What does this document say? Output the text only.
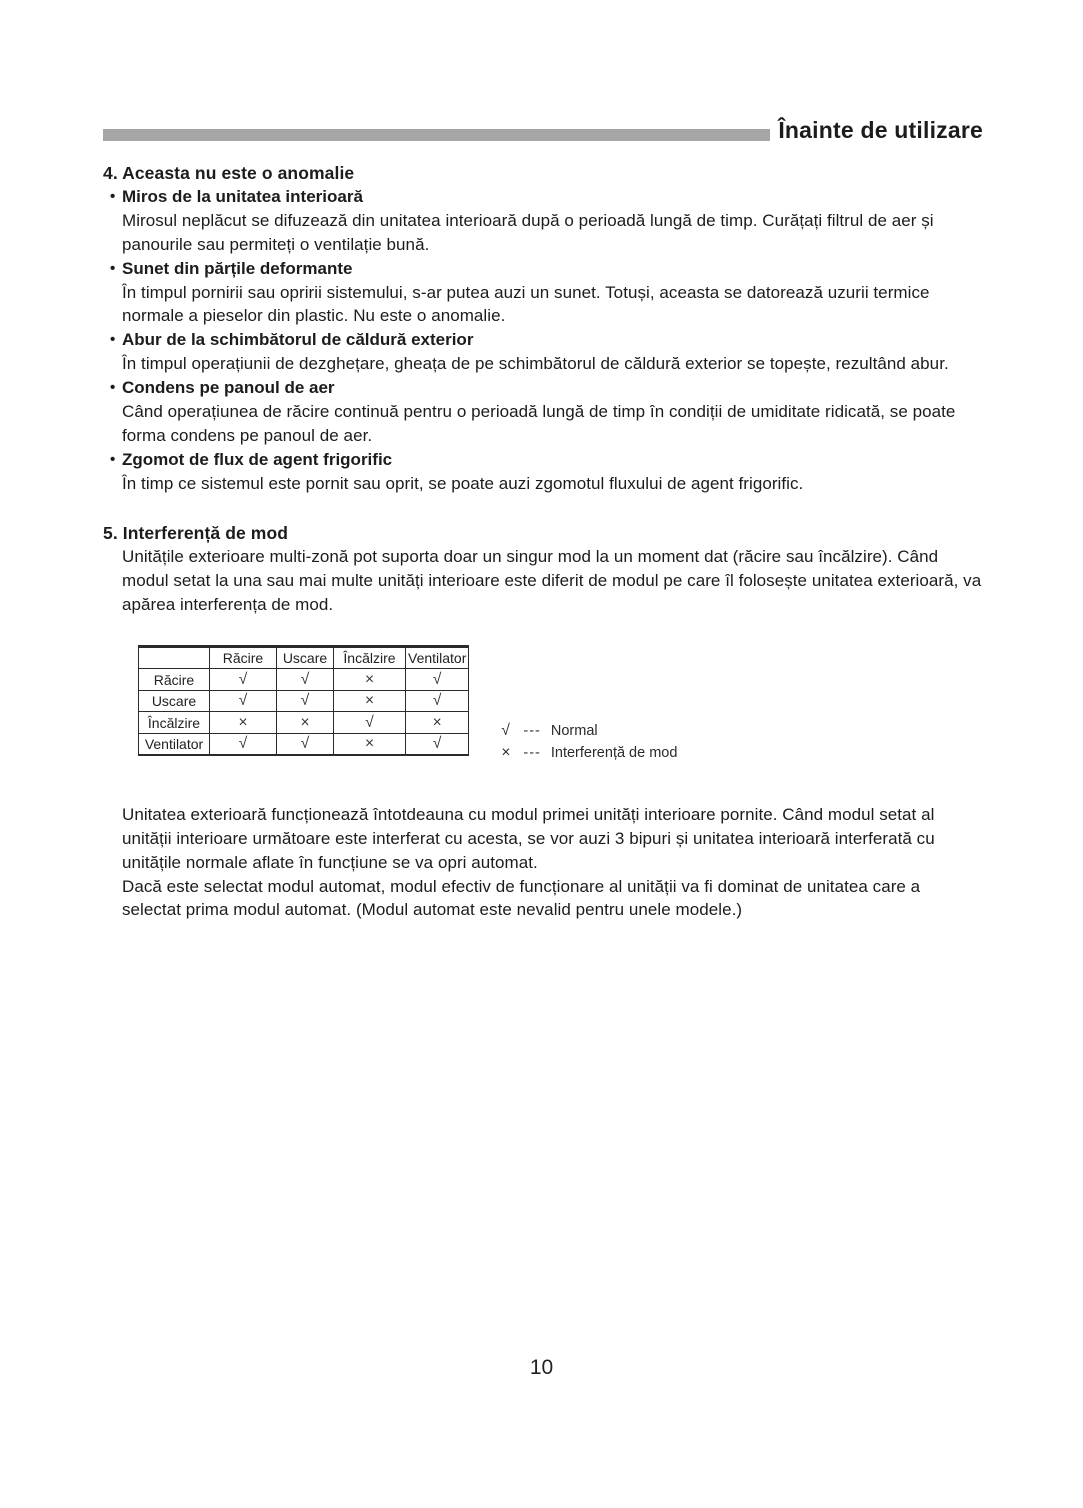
Înainte de utilizare
4. Aceasta nu este o anomalie
• Miros de la unitatea interioară

Mirosul neplăcut se difuzează din unitatea interioară după o perioadă lungă de timp. Curățați filtrul de aer și panourile sau permiteți o ventilație bună.

• Sunet din părțile deformante

În timpul pornirii sau opririi sistemului, s-ar putea auzi un sunet. Totuși, aceasta se datorează uzurii termice normale a pieselor din plastic. Nu este o anomalie.

• Abur de la schimbătorul de căldură exterior

În timpul operațiunii de dezghețare, gheața de pe schimbătorul de căldură exterior se topește, rezultând abur.

• Condens pe panoul de aer

Când operațiunea de răcire continuă pentru o perioadă lungă de timp în condiții de umiditate ridicată, se poate forma condens pe panoul de aer.

• Zgomot de flux de agent frigorific

În timp ce sistemul este pornit sau oprit, se poate auzi zgomotul fluxului de agent frigorific.

5. Interferență de mod

Unitățile exterioare multi-zonă pot suporta doar un singur mod la un moment dat (răcire sau încălzire). Când modul setat la una sau mai multe unități interioare este diferit de modul pe care îl folosește unitatea exterioară, va apărea interferența de mod.

	Răcire	Uscare	Încălzire	Ventilator
Răcire	√	√	×	√
Uscare	√	√	×	√
Încălzire	×	×	√	×
Ventilator	√	√	×	√
√ --- Normal
× --- Interferență de mod

Unitatea exterioară funcționează întotdeauna cu modul primei unități interioare pornite. Când modul setat al unității interioare următoare este interferat cu acesta, se vor auzi 3 bipuri și unitatea interioară interferată cu unitățile normale aflate în funcțiune se va opri automat.

Dacă este selectat modul automat, modul efectiv de funcționare al unității va fi dominat de unitatea care a selectat prima modul automat. (Modul automat este nevalid pentru unele modele.)

10
